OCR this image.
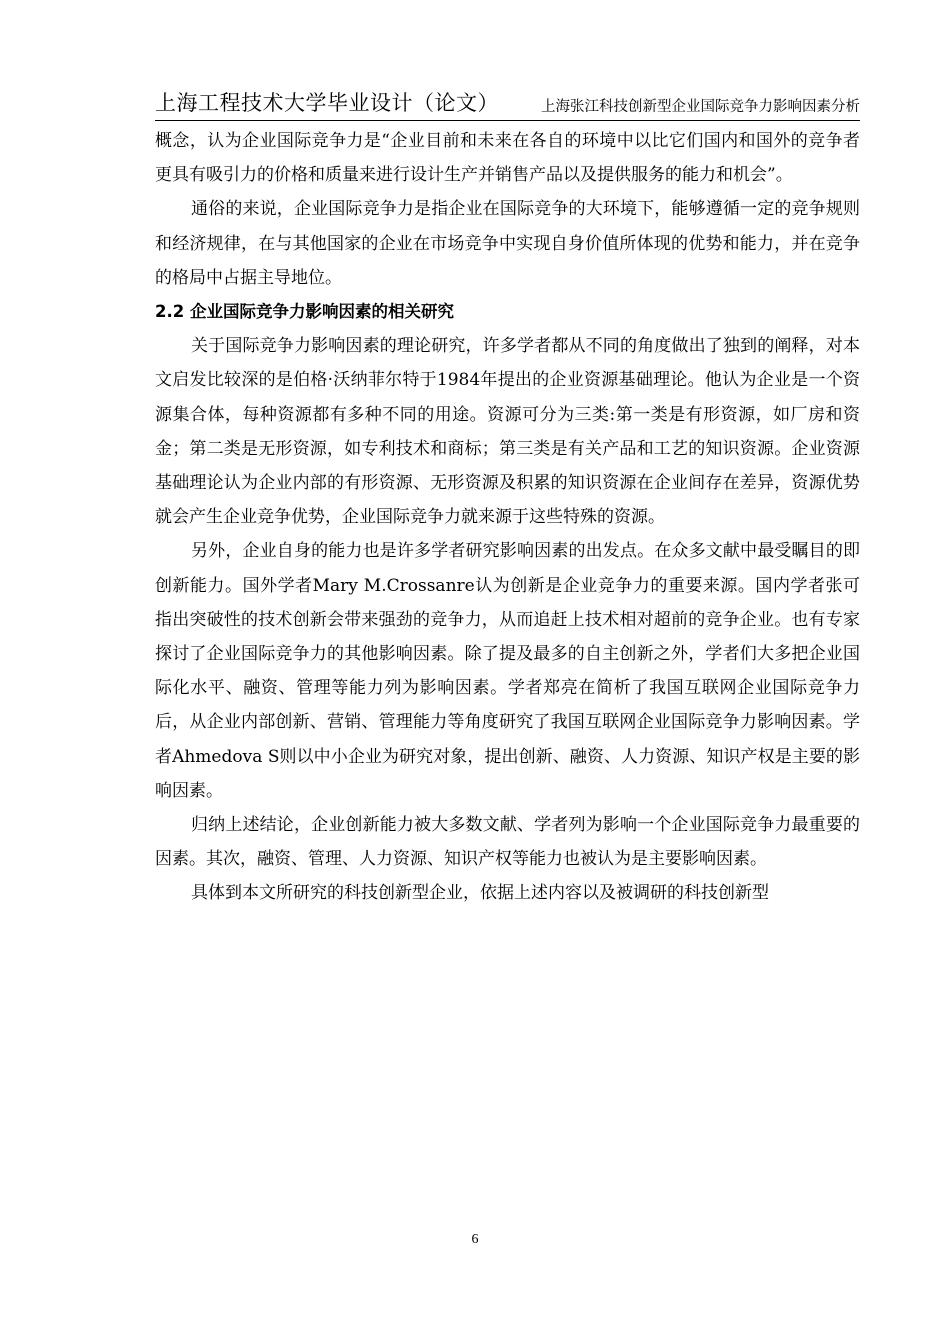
上海工程技术大学毕业设计（论文）	上海张江科技创新型企业国际竞争力影响因素分析

概念，认为企业国际竞争力是“企业目前和未来在各自的环境中以比它们国内和国外的竞争者更具有吸引力的价格和质量来进行设计生产并销售产品以及提供服务的能力和机会”。

通俗的来说，企业国际竞争力是指企业在国际竞争的大环境下，能够遵循一定的竞争规则和经济规律，在与其他国家的企业在市场竞争中实现自身价值所体现的优势和能力，并在竞争的格局中占据主导地位。

2.2 企业国际竞争力影响因素的相关研究

关于国际竞争力影响因素的理论研究，许多学者都从不同的角度做出了独到的阐释，对本文启发比较深的是伯格·沃纳菲尔特于1984年提出的企业资源基础理论。他认为企业是一个资源集合体，每种资源都有多种不同的用途。资源可分为三类:第一类是有形资源，如厂房和资金；第二类是无形资源，如专利技术和商标；第三类是有关产品和工艺的知识资源。企业资源基础理论认为企业内部的有形资源、无形资源及积累的知识资源在企业间存在差异，资源优势就会产生企业竞争优势，企业国际竞争力就来源于这些特殊的资源。

另外，企业自身的能力也是许多学者研究影响因素的出发点。在众多文献中最受瞩目的即创新能力。国外学者Mary M.Crossanre认为创新是企业竞争力的重要来源。国内学者张可指出突破性的技术创新会带来强劲的竞争力，从而追赶上技术相对超前的竞争企业。也有专家探讨了企业国际竞争力的其他影响因素。除了提及最多的自主创新之外，学者们大多把企业国际化水平、融资、管理等能力列为影响因素。学者郑亮在简析了我国互联网企业国际竞争力后，从企业内部创新、营销、管理能力等角度研究了我国互联网企业国际竞争力影响因素。学者Ahmedova S则以中小企业为研究对象，提出创新、融资、人力资源、知识产权是主要的影响因素。

归纳上述结论，企业创新能力被大多数文献、学者列为影响一个企业国际竞争力最重要的因素。其次，融资、管理、人力资源、知识产权等能力也被认为是主要影响因素。

具体到本文所研究的科技创新型企业，依据上述内容以及被调研的科技创新型

6
